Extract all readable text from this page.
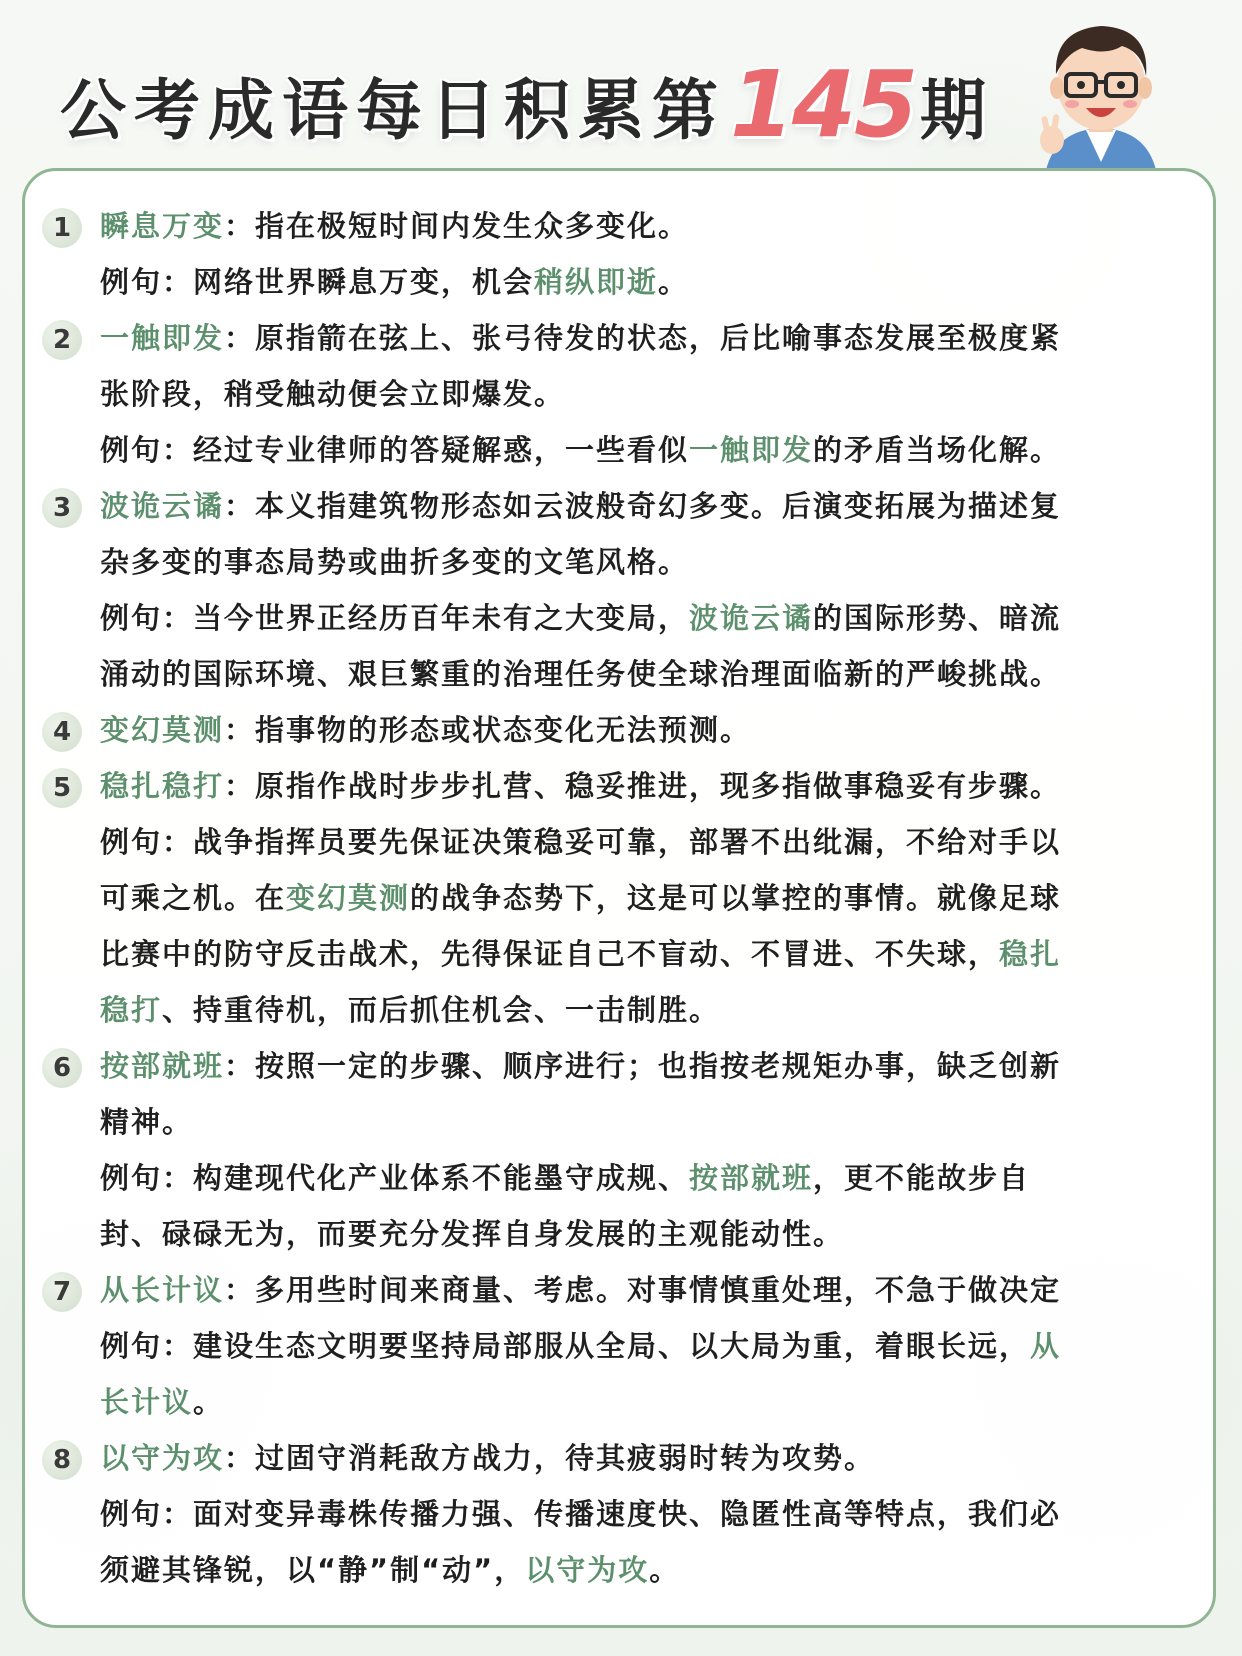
公考成语每日积累第 145 期
1 瞬息万变：指在极短时间内发生众多变化。
例句：网络世界瞬息万变，机会稍纵即逝。
2 一触即发：原指箭在弦上、张弓待发的状态，后比喻事态发展至极度紧
张阶段，稍受触动便会立即爆发。
例句：经过专业律师的答疑解惑，一些看似一触即发的矛盾当场化解。
3 波诡云谲：本义指建筑物形态如云波般奇幻多变。后演变拓展为描述复
杂多变的事态局势或曲折多变的文笔风格。
例句：当今世界正经历百年未有之大变局，波诡云谲的国际形势、暗流
涌动的国际环境、艰巨繁重的治理任务使全球治理面临新的严峻挑战。
4 变幻莫测：指事物的形态或状态变化无法预测。
5 稳扎稳打：原指作战时步步扎营、稳妥推进，现多指做事稳妥有步骤。
例句：战争指挥员要先保证决策稳妥可靠，部署不出纰漏，不给对手以
可乘之机。在变幻莫测的战争态势下，这是可以掌控的事情。就像足球
比赛中的防守反击战术，先得保证自己不盲动、不冒进、不失球，稳扎
稳打、持重待机，而后抓住机会、一击制胜。
6 按部就班：按照一定的步骤、顺序进行；也指按老规矩办事，缺乏创新
精神。
例句：构建现代化产业体系不能墨守成规、按部就班，更不能故步自
封、碌碌无为，而要充分发挥自身发展的主观能动性。
7 从长计议：多用些时间来商量、考虑。对事情慎重处理，不急于做决定
例句：建设生态文明要坚持局部服从全局、以大局为重，着眼长远，从
长计议。
8 以守为攻：过固守消耗敌方战力，待其疲弱时转为攻势。
例句：面对变异毒株传播力强、传播速度快、隐匿性高等特点，我们必
须避其锋锐，以“静”制“动”，以守为攻。
